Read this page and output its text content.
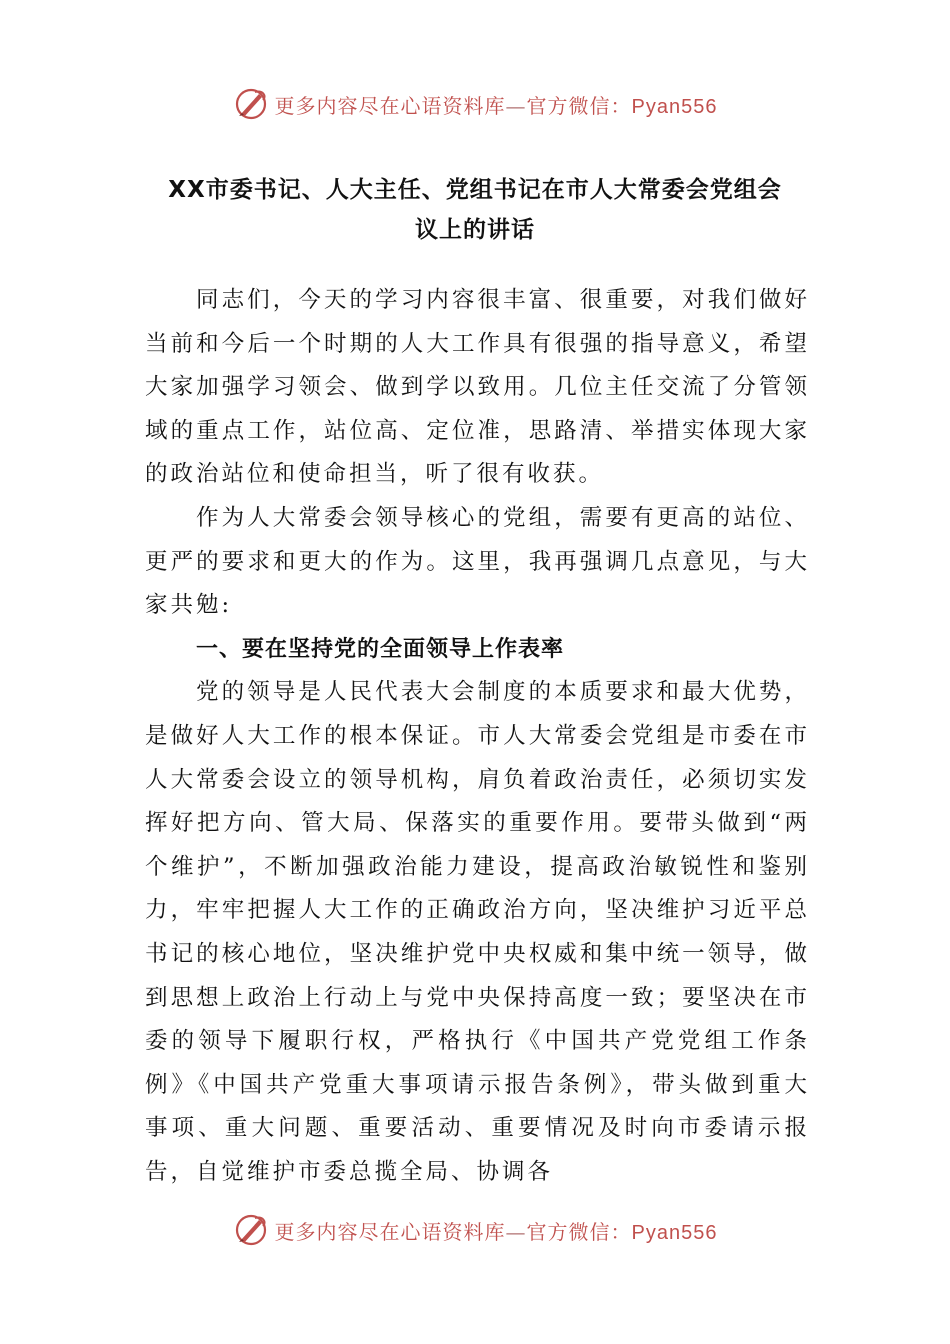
更多内容尽在心语资料库—官方微信：Pyan556
XX市委书记、人大主任、党组书记在市人大常委会党组会
议上的讲话

同志们，今天的学习内容很丰富、很重要，对我们做好当前和今后一个时期的人大工作具有很强的指导意义，希望大家加强学习领会、做到学以致用。几位主任交流了分管领域的重点工作，站位高、定位准，思路清、举措实体现大家的政治站位和使命担当，听了很有收获。

作为人大常委会领导核心的党组，需要有更高的站位、更严的要求和更大的作为。这里，我再强调几点意见，与大家共勉:

一、要在坚持党的全面领导上作表率

党的领导是人民代表大会制度的本质要求和最大优势，是做好人大工作的根本保证。市人大常委会党组是市委在市人大常委会设立的领导机构，肩负着政治责任，必须切实发挥好把方向、管大局、保落实的重要作用。要带头做到“两个维护”，不断加强政治能力建设，提高政治敏锐性和鉴别力，牢牢把握人大工作的正确政治方向，坚决维护习近平总书记的核心地位，坚决维护党中央权威和集中统一领导，做到思想上政治上行动上与党中央保持高度一致；要坚决在市委的领导下履职行权，严格执行《中国共产党党组工作条例》《中国共产党重大事项请示报告条例》，带头做到重大事项、重大问题、重要活动、重要情况及时向市委请示报告，自觉维护市委总揽全局、协调各

更多内容尽在心语资料库—官方微信：Pyan556
